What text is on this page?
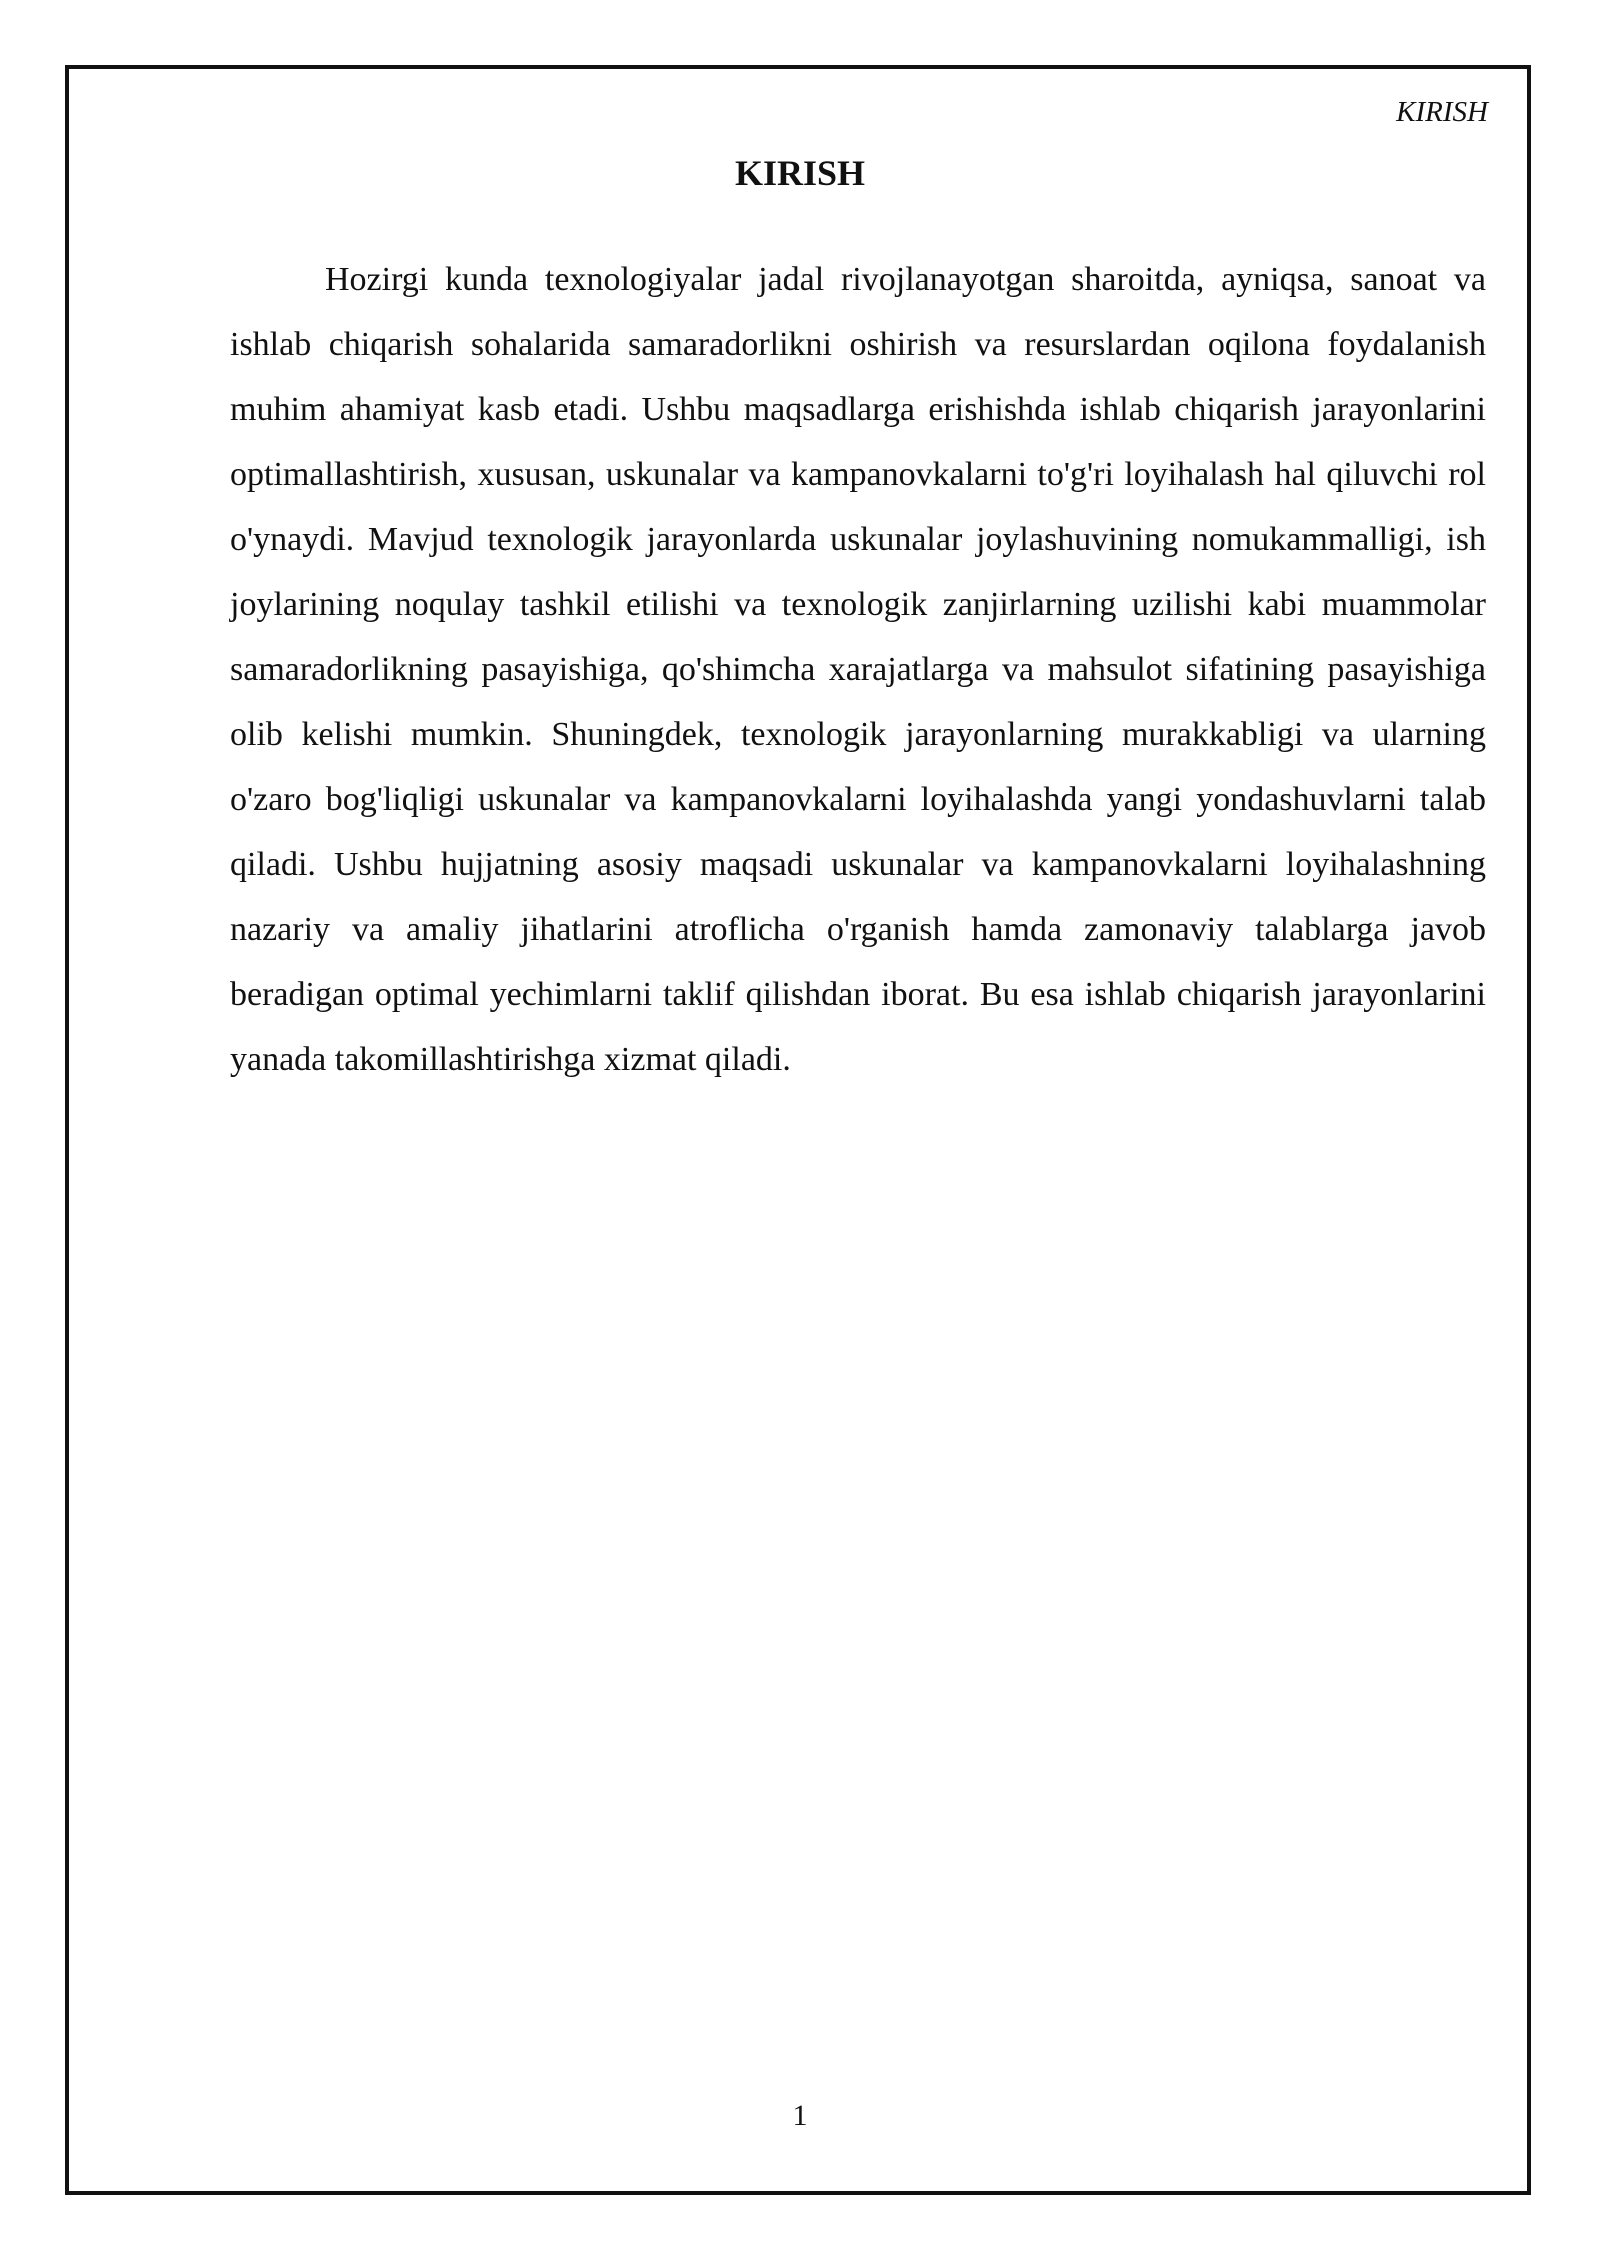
KIRISH
KIRISH

Hozirgi kunda texnologiyalar jadal rivojlanayotgan sharoitda, ayniqsa, sanoat va ishlab chiqarish sohalarida samaradorlikni oshirish va resurslardan oqilona foydalanish muhim ahamiyat kasb etadi. Ushbu maqsadlarga erishishda ishlab chiqarish jarayonlarini optimallashtirish, xususan, uskunalar va kampanovkalarni to'g'ri loyihalash hal qiluvchi rol o'ynaydi. Mavjud texnologik jarayonlarda uskunalar joylashuvining nomukammalligi, ish joylarining noqulay tashkil etilishi va texnologik zanjirlarning uzilishi kabi muammolar samaradorlikning pasayishiga, qo'shimcha xarajatlarga va mahsulot sifatining pasayishiga olib kelishi mumkin. Shuningdek, texnologik jarayonlarning murakkabligi va ularning o'zaro bog'liqligi uskunalar va kampanovkalarni loyihalashda yangi yondashuvlarni talab qiladi. Ushbu hujjatning asosiy maqsadi uskunalar va kampanovkalarni loyihalashning nazariy va amaliy jihatlarini atroflicha o'rganish hamda zamonaviy talablarga javob beradigan optimal yechimlarni taklif qilishdan iborat. Bu esa ishlab chiqarish jarayonlarini yanada takomillashtirishga xizmat qiladi.

1
